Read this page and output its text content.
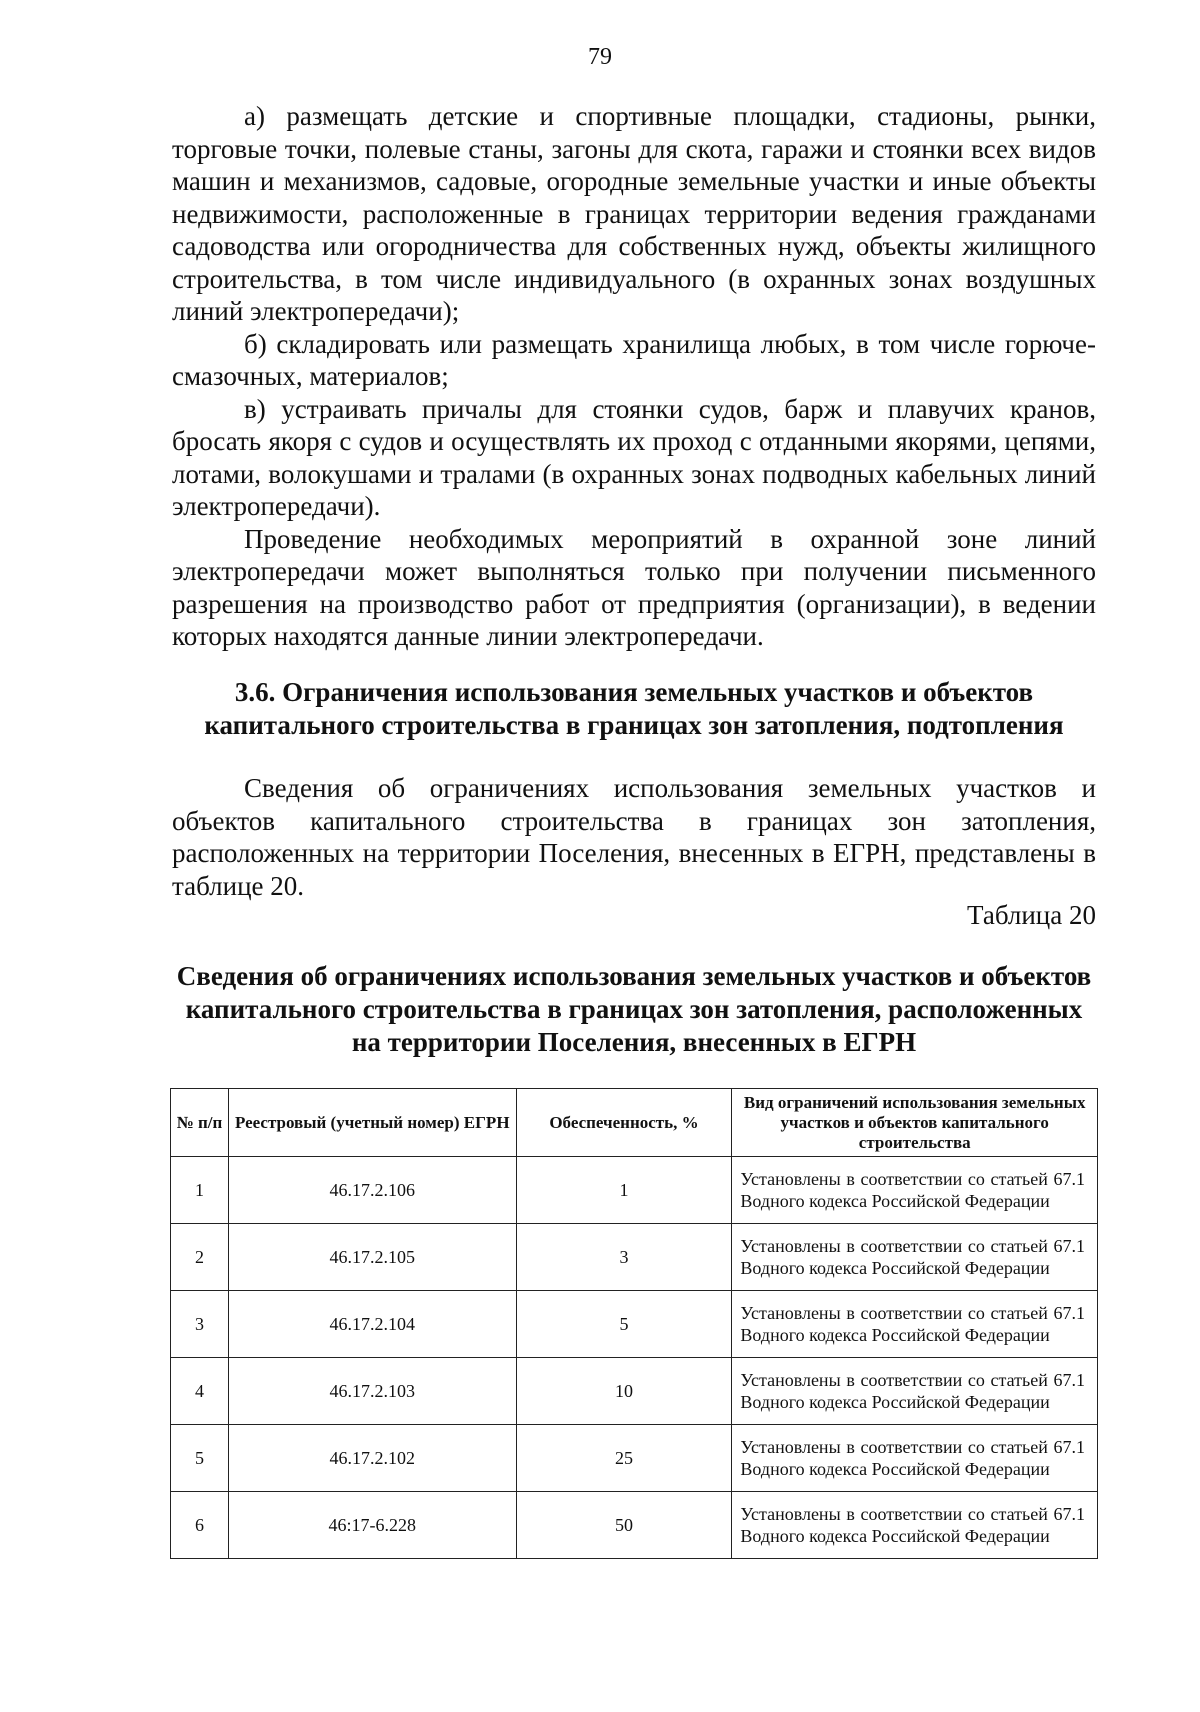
79

а) размещать детские и спортивные площадки, стадионы, рынки, торговые точки, полевые станы, загоны для скота, гаражи и стоянки всех видов машин и механизмов, садовые, огородные земельные участки и иные объекты недвижимости, расположенные в границах территории ведения гражданами садоводства или огородничества для собственных нужд, объекты жилищного строительства, в том числе индивидуального (в охранных зонах воздушных линий электропередачи);

б) складировать или размещать хранилища любых, в том числе горюче-смазочных, материалов;

в) устраивать причалы для стоянки судов, барж и плавучих кранов, бросать якоря с судов и осуществлять их проход с отданными якорями, цепями, лотами, волокушами и тралами (в охранных зонах подводных кабельных линий электропередачи).

Проведение необходимых мероприятий в охранной зоне линий электропередачи может выполняться только при получении письменного разрешения на производство работ от предприятия (организации), в ведении которых находятся данные линии электропередачи.

3.6. Ограничения использования земельных участков и объектов капитального строительства в границах зон затопления, подтопления

Сведения об ограничениях использования земельных участков и объектов капитального строительства в границах зон затопления, расположенных на территории Поселения, внесенных в ЕГРН, представлены в таблице 20.

Таблица 20

Сведения об ограничениях использования земельных участков и объектов капитального строительства в границах зон затопления, расположенных на территории Поселения, внесенных в ЕГРН
№ п/п	Реестровый (учетный номер) ЕГРН	Обеспеченность, %	Вид ограничений использования земельных участков и объектов капитального строительства
1	46.17.2.106	1	Установлены в соответствии со статьей 67.1 Водного кодекса Российской Федерации
2	46.17.2.105	3	Установлены в соответствии со статьей 67.1 Водного кодекса Российской Федерации
3	46.17.2.104	5	Установлены в соответствии со статьей 67.1 Водного кодекса Российской Федерации
4	46.17.2.103	10	Установлены в соответствии со статьей 67.1 Водного кодекса Российской Федерации
5	46.17.2.102	25	Установлены в соответствии со статьей 67.1 Водного кодекса Российской Федерации
6	46:17-6.228	50	Установлены в соответствии со статьей 67.1 Водного кодекса Российской Федерации
